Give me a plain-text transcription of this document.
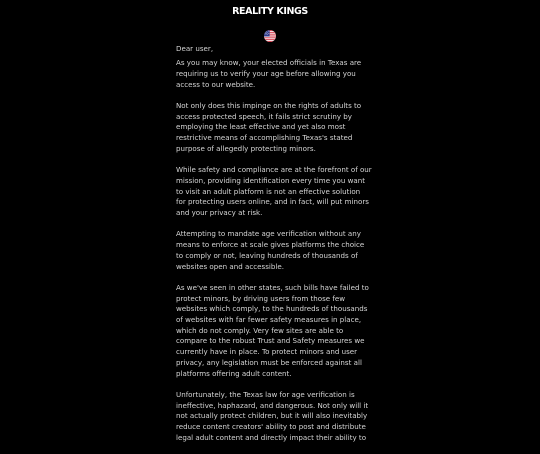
REALITY KINGS

Dear user,

As you may know, your elected officials in Texas are requiring us to verify your age before allowing you access to our website.

Not only does this impinge on the rights of adults to access protected speech, it fails strict scrutiny by employing the least effective and yet also most restrictive means of accomplishing Texas's stated purpose of allegedly protecting minors.

While safety and compliance are at the forefront of our mission, providing identification every time you want to visit an adult platform is not an effective solution for protecting users online, and in fact, will put minors and your privacy at risk.

Attempting to mandate age verification without any means to enforce at scale gives platforms the choice to comply or not, leaving hundreds of thousands of websites open and accessible.

As we've seen in other states, such bills have failed to protect minors, by driving users from those few websites which comply, to the hundreds of thousands of websites with far fewer safety measures in place, which do not comply. Very few sites are able to compare to the robust Trust and Safety measures we currently have in place. To protect minors and user privacy, any legislation must be enforced against all platforms offering adult content.

Unfortunately, the Texas law for age verification is ineffective, haphazard, and dangerous. Not only will it not actually protect children, but it will also inevitably reduce content creators' ability to post and distribute legal adult content and directly impact their ability to
